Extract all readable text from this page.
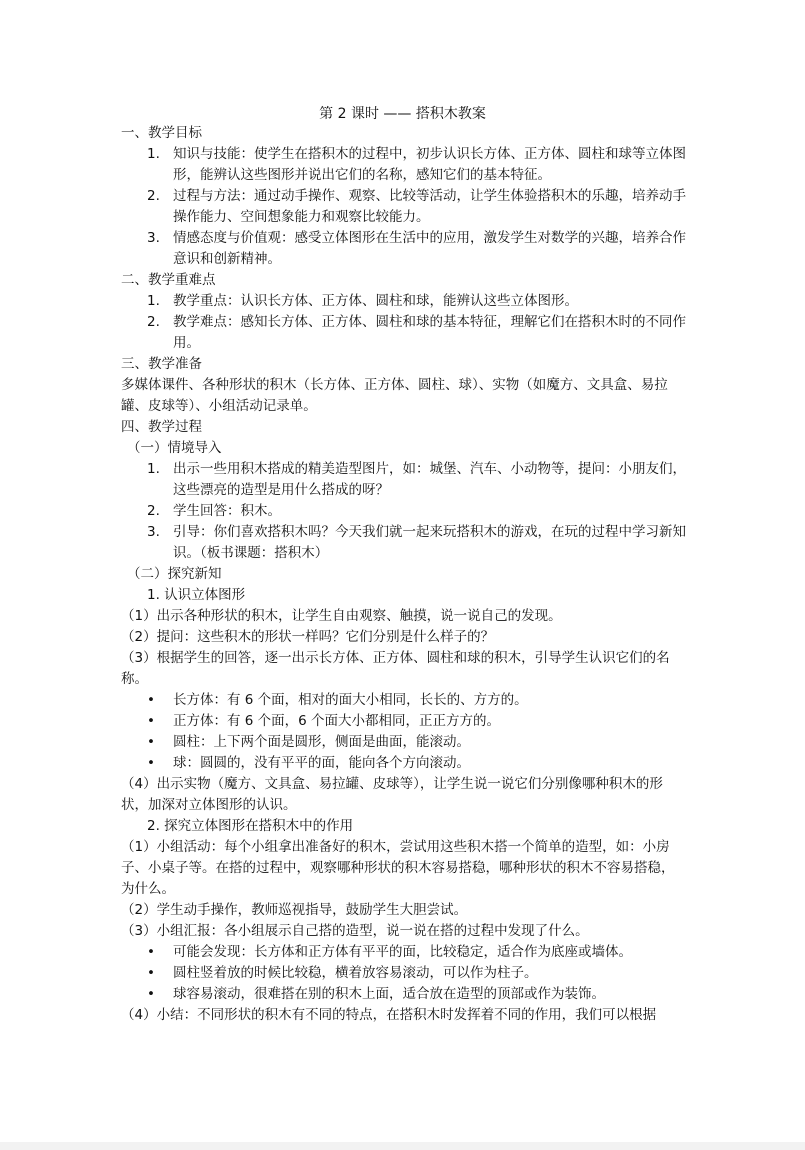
第 2 课时 —— 搭积木教案
一、教学目标
1. 知识与技能：使学生在搭积木的过程中，初步认识长方体、正方体、圆柱和球等立体图形，能辨认这些图形并说出它们的名称，感知它们的基本特征。
2. 过程与方法：通过动手操作、观察、比较等活动，让学生体验搭积木的乐趣，培养动手操作能力、空间想象能力和观察比较能力。
3. 情感态度与价值观：感受立体图形在生活中的应用，激发学生对数学的兴趣，培养合作意识和创新精神。
二、教学重难点
1. 教学重点：认识长方体、正方体、圆柱和球，能辨认这些立体图形。
2. 教学难点：感知长方体、正方体、圆柱和球的基本特征，理解它们在搭积木时的不同作用。
三、教学准备
多媒体课件、各种形状的积木（长方体、正方体、圆柱、球）、实物（如魔方、文具盒、易拉罐、皮球等）、小组活动记录单。
四、教学过程
（一）情境导入
1. 出示一些用积木搭成的精美造型图片，如：城堡、汽车、小动物等，提问：小朋友们，这些漂亮的造型是用什么搭成的呀？
2. 学生回答：积木。
3. 引导：你们喜欢搭积木吗？今天我们就一起来玩搭积木的游戏，在玩的过程中学习新知识。（板书课题：搭积木）
（二）探究新知
1. 认识立体图形
（1）出示各种形状的积木，让学生自由观察、触摸，说一说自己的发现。
（2）提问：这些积木的形状一样吗？它们分别是什么样子的？
（3）根据学生的回答，逐一出示长方体、正方体、圆柱和球的积木，引导学生认识它们的名称。
• 长方体：有 6 个面，相对的面大小相同，长长的、方方的。
• 正方体：有 6 个面，6 个面大小都相同，正正方方的。
• 圆柱：上下两个面是圆形，侧面是曲面，能滚动。
• 球：圆圆的，没有平平的面，能向各个方向滚动。
（4）出示实物（魔方、文具盒、易拉罐、皮球等），让学生说一说它们分别像哪种积木的形状，加深对立体图形的认识。
2. 探究立体图形在搭积木中的作用
（1）小组活动：每个小组拿出准备好的积木，尝试用这些积木搭一个简单的造型，如：小房子、小桌子等。在搭的过程中，观察哪种形状的积木容易搭稳，哪种形状的积木不容易搭稳，为什么。
（2）学生动手操作，教师巡视指导，鼓励学生大胆尝试。
（3）小组汇报：各小组展示自己搭的造型，说一说在搭的过程中发现了什么。
• 可能会发现：长方体和正方体有平平的面，比较稳定，适合作为底座或墙体。
• 圆柱竖着放的时候比较稳，横着放容易滚动，可以作为柱子。
• 球容易滚动，很难搭在别的积木上面，适合放在造型的顶部或作为装饰。
（4）小结：不同形状的积木有不同的特点，在搭积木时发挥着不同的作用，我们可以根据
